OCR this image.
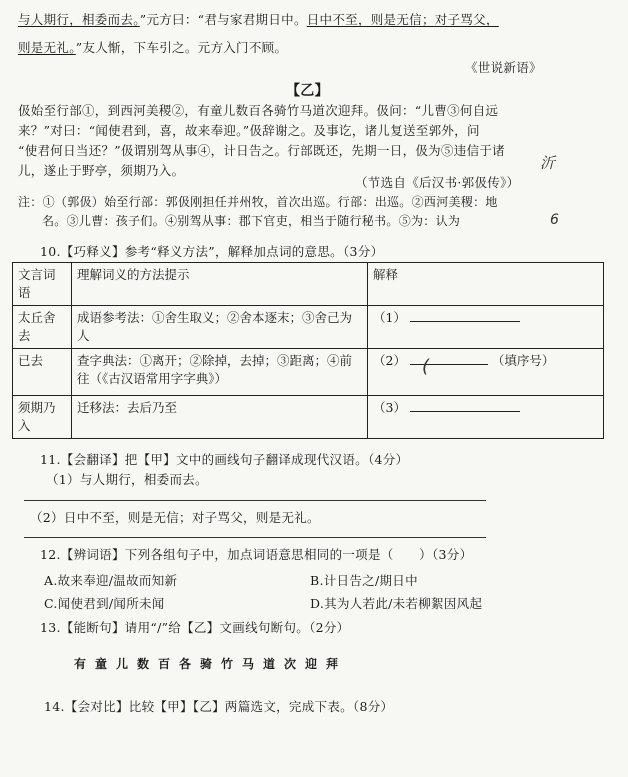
与人期行，相委而去。”元方曰：“君与家君期日中。日中不至，则是无信；对子骂父，
则是无礼。”友人惭，下车引之。元方入门不顾。
《世说新语》
【乙】
伋始至行部①，到西河美稷②，有童儿数百各骑竹马道次迎拜。伋问：“儿曹③何自远
来？”对曰：“闻使君到，喜，故来奉迎。”伋辞谢之。及事讫，诸儿复送至郭外，问
“使君何日当还？”伋谓别驾从事④，计日告之。行部既还，先期一日，伋为⑤违信于诸
儿，遂止于野亭，须期乃入。	沂
（节选自《后汉书·郭伋传》）
注：①（郭伋）始至行部：郭伋刚担任并州牧，首次出巡。行部：出巡。②西河美稷：地
名。③儿曹：孩子们。④别驾从事：郡下官吏，相当于随行秘书。⑤为：认为	6
10.【巧释义】参考“释义方法”，解释加点词的意思。（3分）
文言词语	理解词义的方法提示	解释
太丘舍去	成语参考法：①舍生取义；②舍本逐末；③舍己为人	（1）
已去	查字典法：①离开；②除掉，去掉；③距离；④前往（《古汉语常用字字典》）	（2） ( （填序号）
须期乃入	迁移法：去后乃至	（3）
11.【会翻译】把【甲】文中的画线句子翻译成现代汉语。（4分）
（1）与人期行，相委而去。
（2）日中不至，则是无信；对子骂父，则是无礼。
12.【辨词语】下列各组句子中，加点词语意思相同的一项是（　　）（3分）
A.故来奉迎/温故而知新	B.计日告之/期日中
C.闻使君到/闻所未闻	D.其为人若此/未若柳絮因风起
13.【能断句】请用“/”给【乙】文画线句断句。（2分）
有童儿数百各骑竹马道次迎拜
14.【会对比】比较【甲】【乙】两篇选文，完成下表。（8分）
